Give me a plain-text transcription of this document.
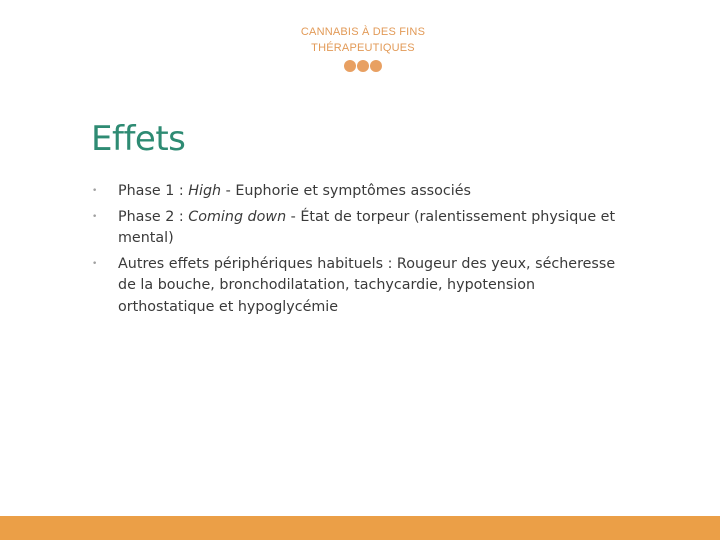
CANNABIS À DES FINS
THÉRAPEUTIQUES
Effets
•	Phase 1 : High - Euphorie et symptômes associés
•	Phase 2 : Coming down - État de torpeur (ralentissement physique et mental)
•	Autres effets périphériques habituels : Rougeur des yeux, sécheresse de la bouche, bronchodilatation, tachycardie, hypotension orthostatique et hypoglycémie
